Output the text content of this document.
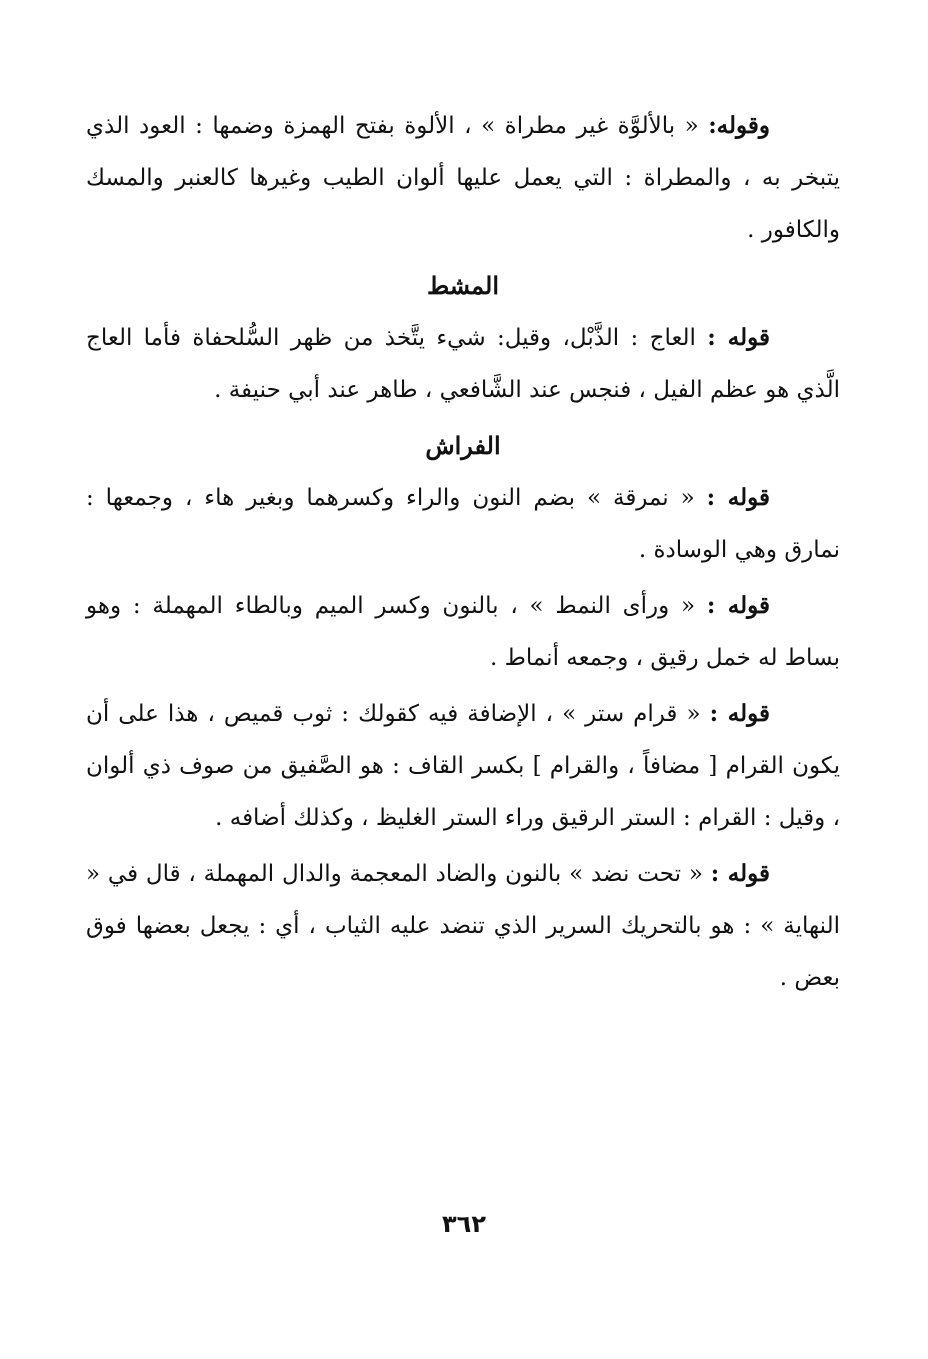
وقوله: « بالألوَّة غير مطراة » ، الألوة بفتح الهمزة وضمها : العود الذي يتبخر به ، والمطراة : التي يعمل عليها ألوان الطيب وغيرها كالعنبر والمسك والكافور .

المشط

قوله : العاج : الذَّبْل، وقيل: شيء يتَّخذ من ظهر السُّلحفاة فأما العاج الَّذي هو عظم الفيل ، فنجس عند الشَّافعي ، طاهر عند أبي حنيفة .

الفراش

قوله : « نمرقة » بضم النون والراء وكسرهما وبغير هاء ، وجمعها : نمارق وهي الوسادة .

قوله : « ورأى النمط » ، بالنون وكسر الميم وبالطاء المهملة : وهو بساط له خمل رقيق ، وجمعه أنماط .

قوله : « قرام ستر » ، الإضافة فيه كقولك : ثوب قميص ، هذا على أن يكون القرام [ مضافاً ، والقرام ] بكسر القاف : هو الصَّفيق من صوف ذي ألوان ، وقيل : القرام : الستر الرقيق وراء الستر الغليظ ، وكذلك أضافه .

قوله : « تحت نضد » بالنون والضاد المعجمة والدال المهملة ، قال في « النهاية » : هو بالتحريك السرير الذي تنضد عليه الثياب ، أي : يجعل بعضها فوق بعض .

٣٦٢
